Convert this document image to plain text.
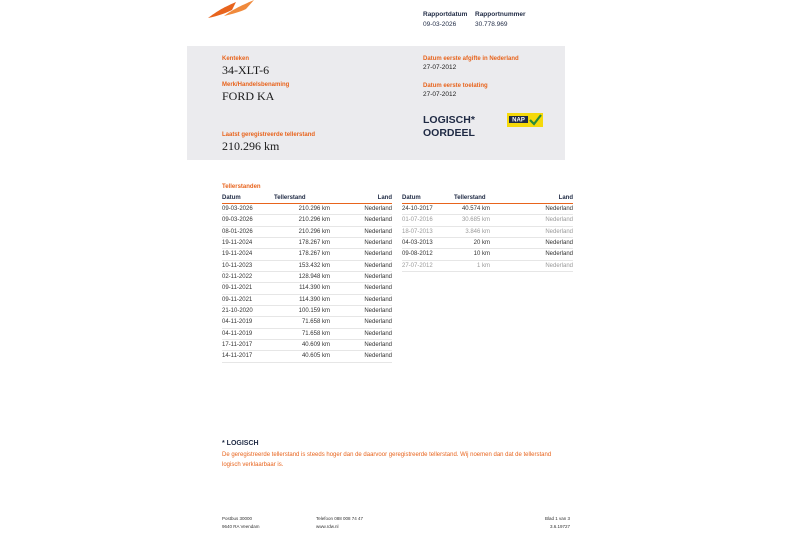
Rapportdatum
09-03-2026
Rapportnummer
30.778.969
Kenteken
34-XLT-6
Merk/Handelsbenaming
FORD KA
Laatst geregistreerde tellerstand
210.296 km
Datum eerste afgifte in Nederland
27-07-2012
Datum eerste toelating
27-07-2012
LOGISCH*
OORDEEL
NAP
Tellerstanden
Datum	Tellerstand	Land
09-03-2026	210.296 km	Nederland
09-03-2026	210.296 km	Nederland
08-01-2026	210.296 km	Nederland
19-11-2024	178.267 km	Nederland
19-11-2024	178.267 km	Nederland
10-11-2023	153.432 km	Nederland
02-11-2022	128.948 km	Nederland
09-11-2021	114.390 km	Nederland
09-11-2021	114.390 km	Nederland
21-10-2020	100.159 km	Nederland
04-11-2019	71.658 km	Nederland
04-11-2019	71.658 km	Nederland
17-11-2017	40.609 km	Nederland
14-11-2017	40.605 km	Nederland
Datum	Tellerstand	Land
24-10-2017	40.574 km	Nederland
01-07-2016	30.685 km	Nederland
18-07-2013	3.846 km	Nederland
04-03-2013	20 km	Nederland
09-08-2012	10 km	Nederland
27-07-2012	1 km	Nederland
* LOGISCH
De geregistreerde tellerstand is steeds hoger dan de daarvoor geregistreerde tellerstand. Wij noemen dan dat de tellerstand logisch verklaarbaar is.
Postbus 30000
9640 RA Veendam
Telefoon 088 008 74 47
www.rdw.nl
Blad 1 van 3
3.6.19727
